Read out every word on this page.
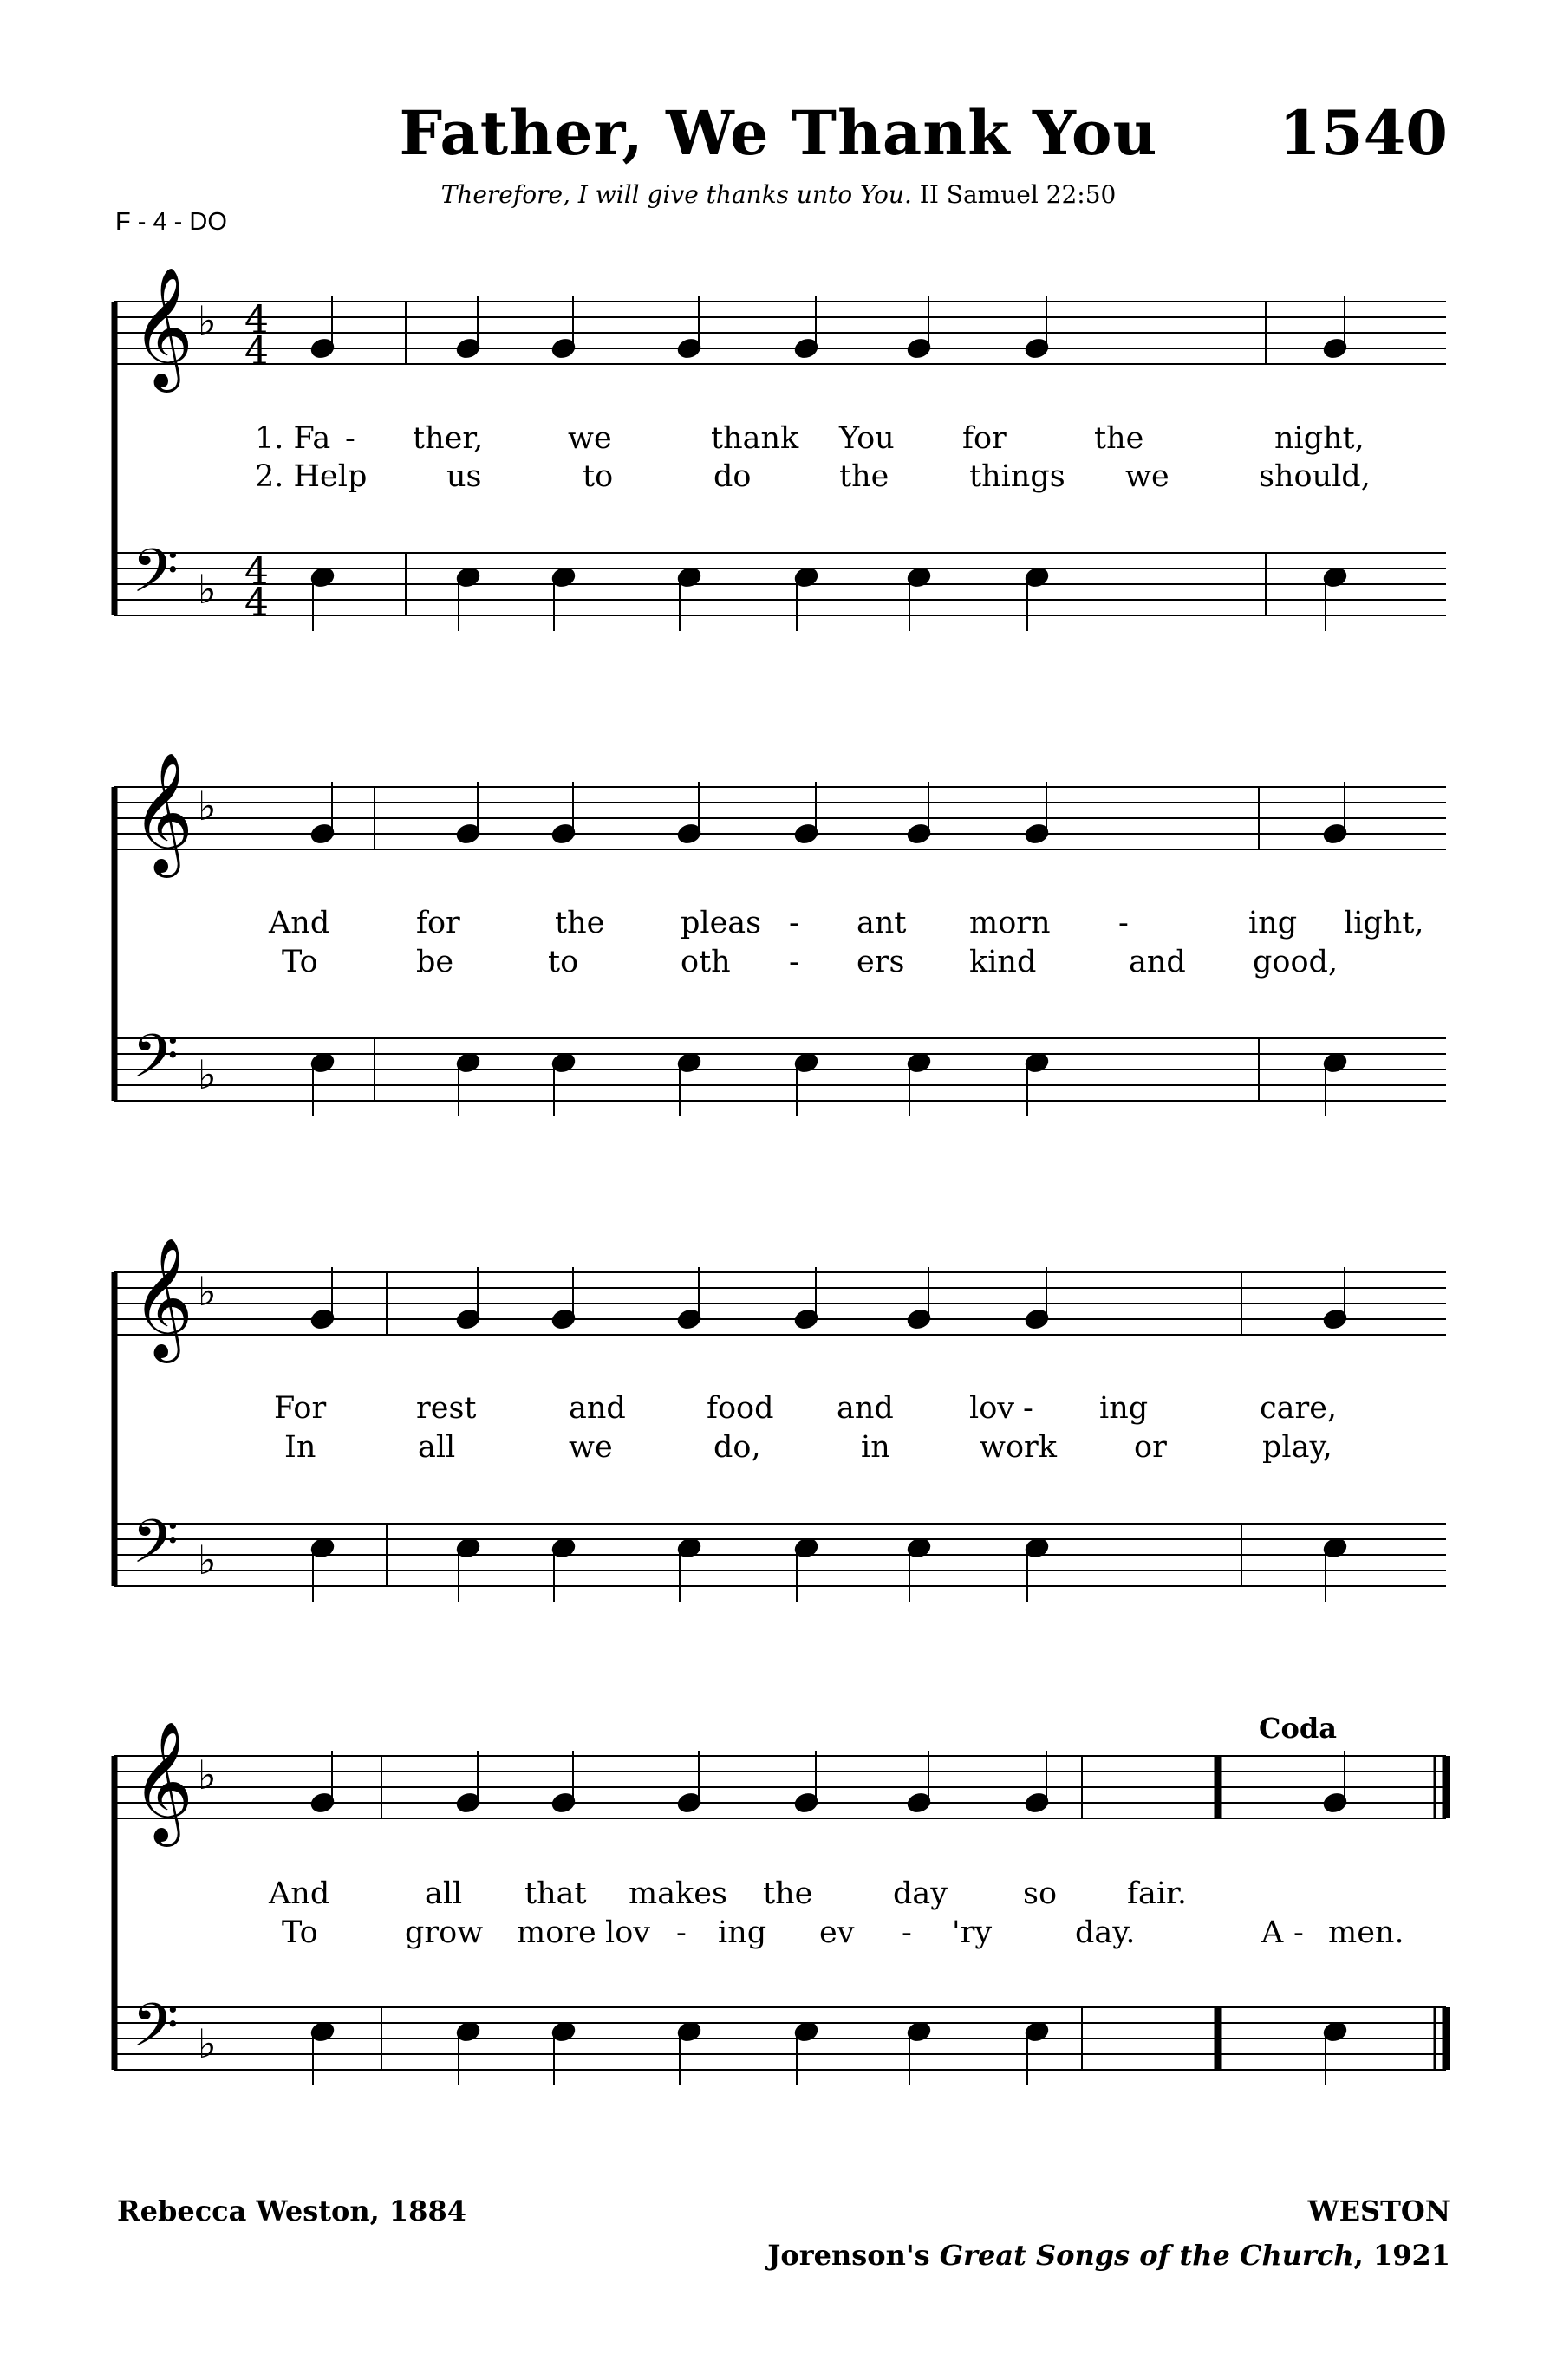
Father, We Thank You	1540
Therefore, I will give thanks unto You. II Samuel 22:50
F - 4 - DO
𝄞
𝄢
♭
♭
4
4
4
4
𝄞
𝄢
♭
♭
𝄞
𝄢
♭
♭
𝄞
𝄢
♭
♭
1. Fa - ther,	we	thank You for	the	night,
And	for	the	pleas - ant morn -	ing light,
For	rest	and	food and lov - ing	care,
And	all that makes the	day so fair.
2. Help	us	to	do	the	things we	should,
To	be	to	oth - ers kind	and good,
In	all	we	do,	in	work	or	play,
To	grow more lov - ing ev - 'ry	day.	A - men.
Coda
Rebecca Weston, 1884	WESTON
Jorenson's Great Songs of the Church, 1921
